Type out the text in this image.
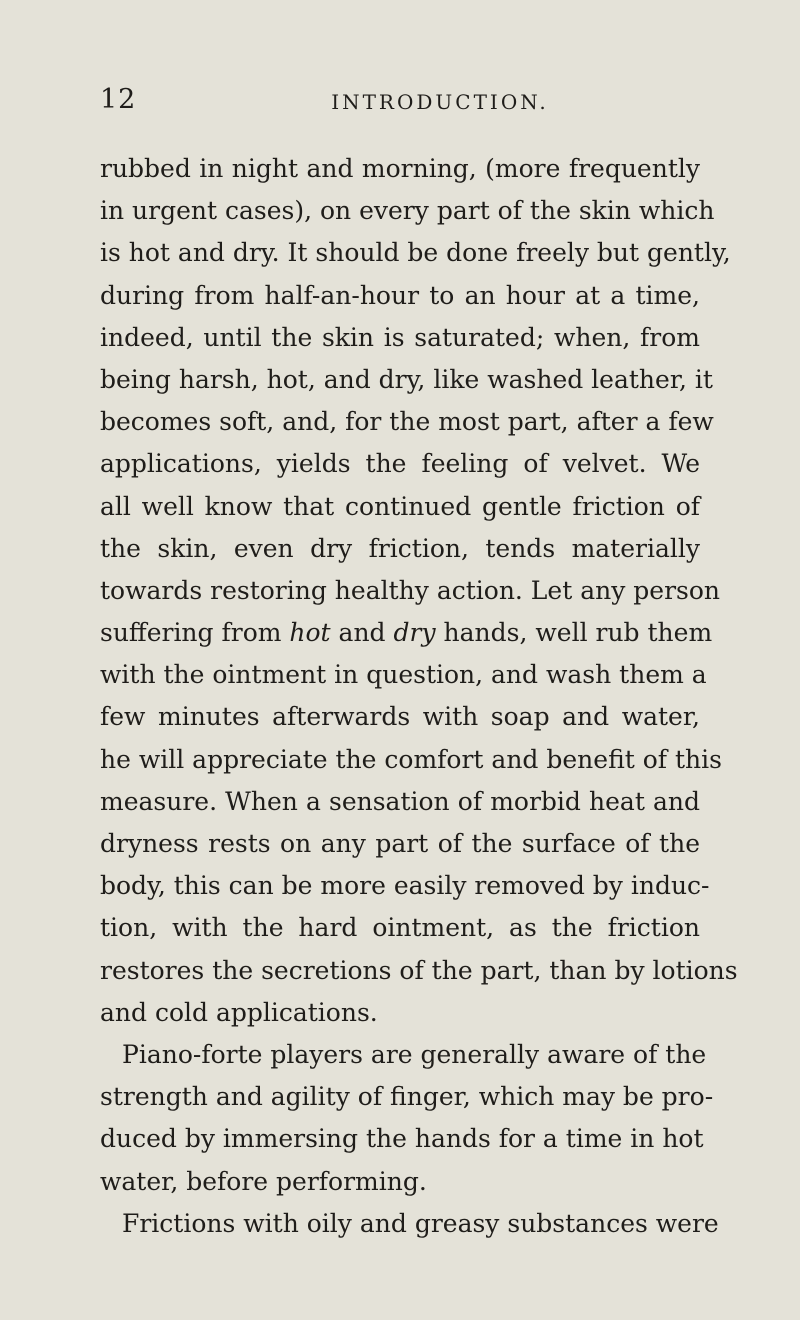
12	INTRODUCTION.
rubbed in night and morning, (more frequently
in urgent cases), on every part of the skin which
is hot and dry. It should be done freely but gently,
during from half-an-hour to an hour at a time,
indeed, until the skin is saturated; when, from
being harsh, hot, and dry, like washed leather, it
becomes soft, and, for the most part, after a few
applications, yields the feeling of velvet. We
all well know that continued gentle friction of
the skin, even dry friction, tends materially
towards restoring healthy action. Let any person
suffering from hot and dry hands, well rub them
with the ointment in question, and wash them a
few minutes afterwards with soap and water,
he will appreciate the comfort and benefit of this
measure. When a sensation of morbid heat and
dryness rests on any part of the surface of the
body, this can be more easily removed by induc-
tion, with the hard ointment, as the friction
restores the secretions of the part, than by lotions
and cold applications.
Piano-forte players are generally aware of the
strength and agility of finger, which may be pro-
duced by immersing the hands for a time in hot
water, before performing.
Frictions with oily and greasy substances were
